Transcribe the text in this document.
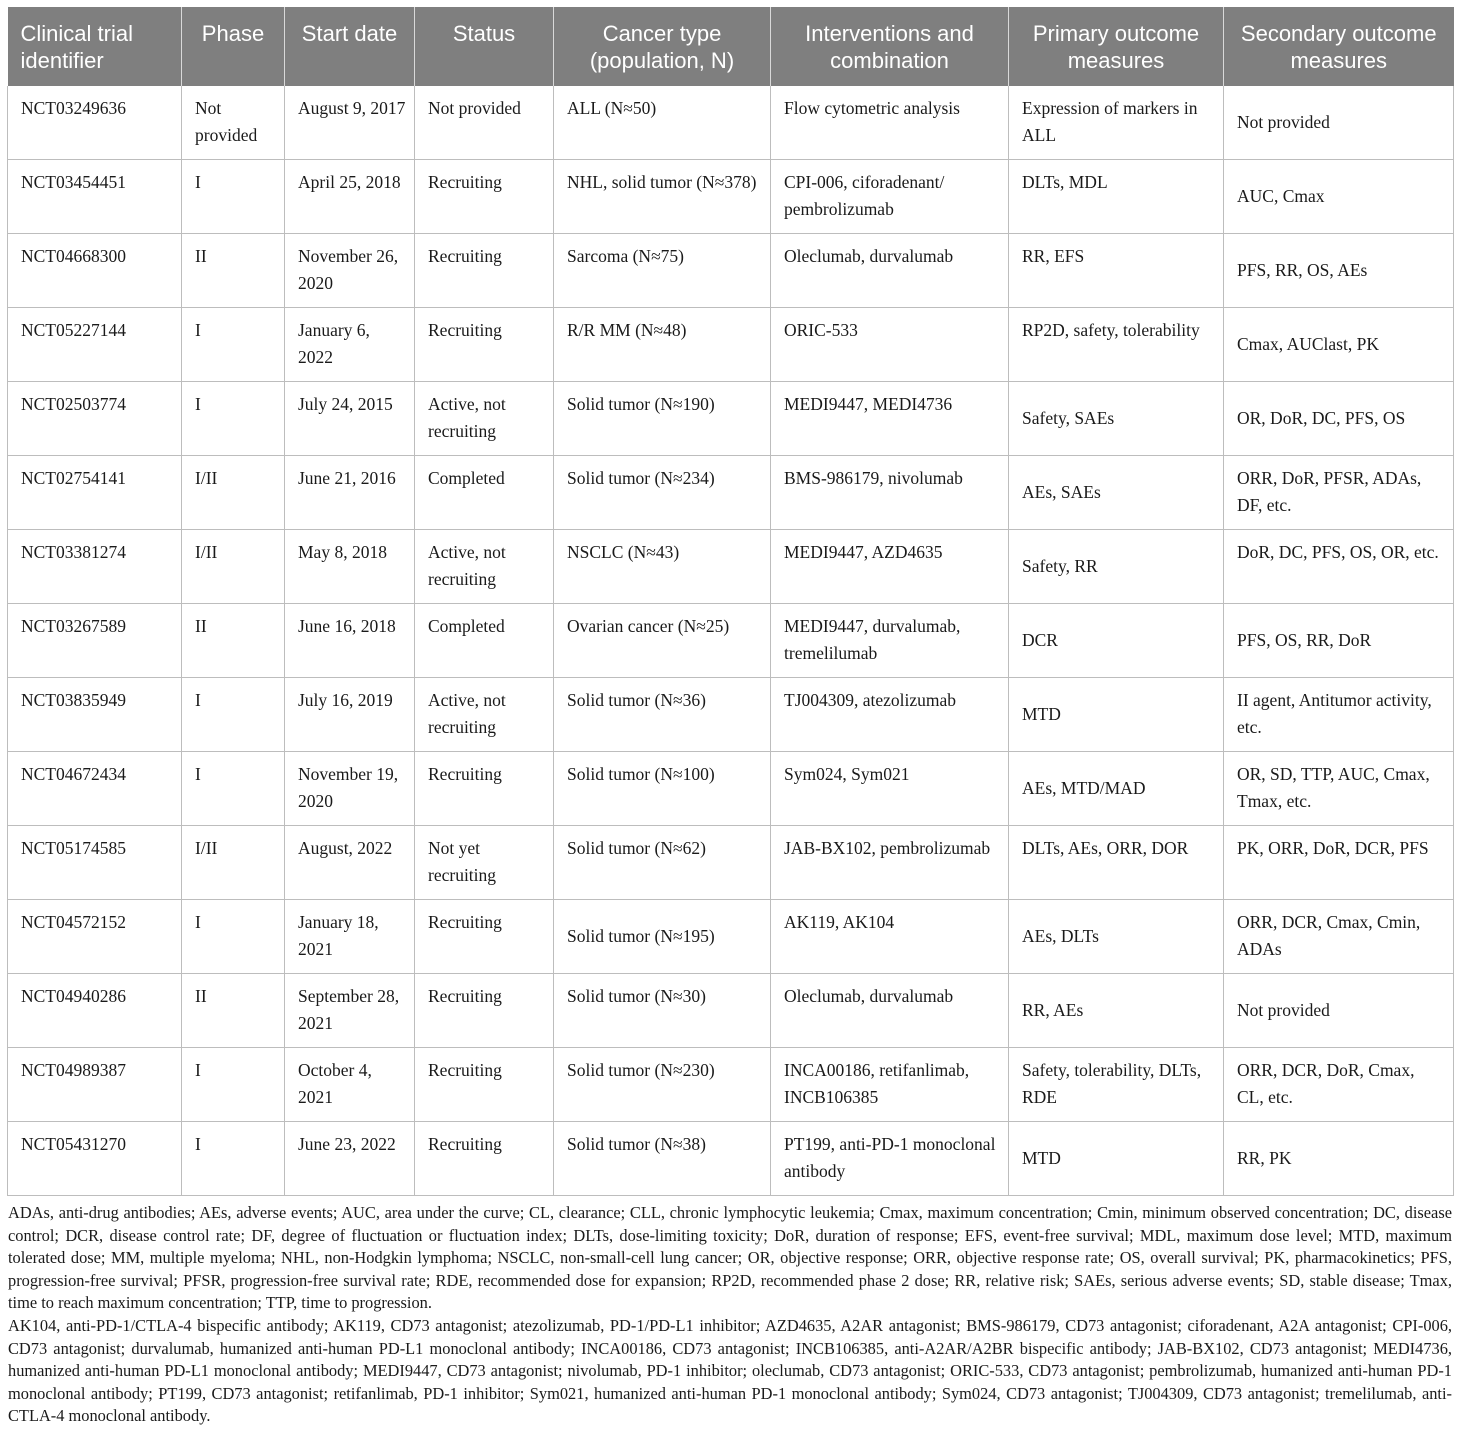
Clinical trial identifier	Phase	Start date	Status	Cancer type (population, N)	Interventions and combination	Primary outcome measures	Secondary outcome measures
NCT03249636	Not provided	August 9, 2017	Not provided	ALL (N≈50)	Flow cytometric analysis	Expression of markers in ALL	Not provided
NCT03454451	I	April 25, 2018	Recruiting	NHL, solid tumor (N≈378)	CPI-006, ciforadenant/ pembrolizumab	DLTs, MDL	AUC, Cmax
NCT04668300	II	November 26, 2020	Recruiting	Sarcoma (N≈75)	Oleclumab, durvalumab	RR, EFS	PFS, RR, OS, AEs
NCT05227144	I	January 6, 2022	Recruiting	R/R MM (N≈48)	ORIC-533	RP2D, safety, tolerability	Cmax, AUClast, PK
NCT02503774	I	July 24, 2015	Active, not recruiting	Solid tumor (N≈190)	MEDI9447, MEDI4736	Safety, SAEs	OR, DoR, DC, PFS, OS
NCT02754141	I/II	June 21, 2016	Completed	Solid tumor (N≈234)	BMS-986179, nivolumab	AEs, SAEs	ORR, DoR, PFSR, ADAs, DF, etc.
NCT03381274	I/II	May 8, 2018	Active, not recruiting	NSCLC (N≈43)	MEDI9447, AZD4635	Safety, RR	DoR, DC, PFS, OS, OR, etc.
NCT03267589	II	June 16, 2018	Completed	Ovarian cancer (N≈25)	MEDI9447, durvalumab, tremelilumab	DCR	PFS, OS, RR, DoR
NCT03835949	I	July 16, 2019	Active, not recruiting	Solid tumor (N≈36)	TJ004309, atezolizumab	MTD	II agent, Antitumor activity, etc.
NCT04672434	I	November 19, 2020	Recruiting	Solid tumor (N≈100)	Sym024, Sym021	AEs, MTD/MAD	OR, SD, TTP, AUC, Cmax, Tmax, etc.
NCT05174585	I/II	August, 2022	Not yet recruiting	Solid tumor (N≈62)	JAB-BX102, pembrolizumab	DLTs, AEs, ORR, DOR	PK, ORR, DoR, DCR, PFS
NCT04572152	I	January 18, 2021	Recruiting	Solid tumor (N≈195)	AK119, AK104	AEs, DLTs	ORR, DCR, Cmax, Cmin, ADAs
NCT04940286	II	September 28, 2021	Recruiting	Solid tumor (N≈30)	Oleclumab, durvalumab	RR, AEs	Not provided
NCT04989387	I	October 4, 2021	Recruiting	Solid tumor (N≈230)	INCA00186, retifanlimab, INCB106385	Safety, tolerability, DLTs, RDE	ORR, DCR, DoR, Cmax, CL, etc.
NCT05431270	I	June 23, 2022	Recruiting	Solid tumor (N≈38)	PT199, anti-PD-1 monoclonal antibody	MTD	RR, PK

ADAs, anti-drug antibodies; AEs, adverse events; AUC, area under the curve; CL, clearance; CLL, chronic lymphocytic leukemia; Cmax, maximum concentration; Cmin, minimum observed concentration; DC, disease control; DCR, disease control rate; DF, degree of fluctuation or fluctuation index; DLTs, dose-limiting toxicity; DoR, duration of response; EFS, event-free survival; MDL, maximum dose level; MTD, maximum tolerated dose; MM, multiple myeloma; NHL, non-Hodgkin lymphoma; NSCLC, non-small-cell lung cancer; OR, objective response; ORR, objective response rate; OS, overall survival; PK, pharmacokinetics; PFS, progression-free survival; PFSR, progression-free survival rate; RDE, recommended dose for expansion; RP2D, recommended phase 2 dose; RR, relative risk; SAEs, serious adverse events; SD, stable disease; Tmax, time to reach maximum concentration; TTP, time to progression.

AK104, anti-PD-1/CTLA-4 bispecific antibody; AK119, CD73 antagonist; atezolizumab, PD-1/PD-L1 inhibitor; AZD4635, A2AR antagonist; BMS-986179, CD73 antagonist; ciforadenant, A2A antagonist; CPI-006, CD73 antagonist; durvalumab, humanized anti-human PD-L1 monoclonal antibody; INCA00186, CD73 antagonist; INCB106385, anti-A2AR/A2BR bispecific antibody; JAB-BX102, CD73 antagonist; MEDI4736, humanized anti-human PD-L1 monoclonal antibody; MEDI9447, CD73 antagonist; nivolumab, PD-1 inhibitor; oleclumab, CD73 antagonist; ORIC-533, CD73 antagonist; pembrolizumab, humanized anti-human PD-1 monoclonal antibody; PT199, CD73 antagonist; retifanlimab, PD-1 inhibitor; Sym021, humanized anti-human PD-1 monoclonal antibody; Sym024, CD73 antagonist; TJ004309, CD73 antagonist; tremelilumab, anti-CTLA-4 monoclonal antibody.
